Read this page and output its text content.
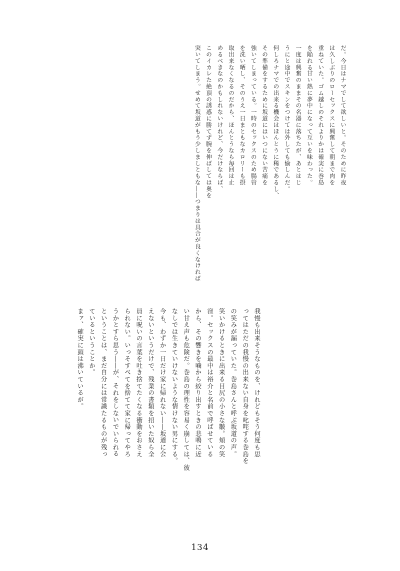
だ。今日はナマでして欲しいと。そのために昨夜
は久しぶりのローセックスに興奮して朝まで肉を
重ねていた。ゴム越しのそれよりかは確実に巻島
を陥れる甘い熱に夢中になって互いを味わった。
一度は興奮のままその名器に落ちたが、あとはじ
うにと途中でスキンをつけては外しても愉しんだ。
何しろナマでの出来る機会はほんとうに稀であるし、
その準備をするために坂道にはいつにない苦痛を
強いてしまっている。一時のセックスのため腸管
を洗い晒し、そのうえ一日まともなカロリーも摂
取出来なくなるのだから、ほんとうなら毎回は止
めるべきなのかもしれないけれど、今だけならば、
このイカレた絶頂の誘惑に勝てず腕を伸ばしては奥を
突いてしまう。せめて坂道がもう少しましともな――つまりは具合が良くなければ
我慢も出来そうなものを、けれどもそう何度も思
ってはただの我慢の出来ない自身を叱咤する巻島を
の笑みが漏っていた。巻島さんと呼ぶ坂道の声。
笑いかけるときに出来る目尻の小さな皺。頬の笑
窪。セックスの最中は裕介と名前で呼ばせている
から、その響きを噛から絞り出すときの悲鳴に近
い甘え声も危険だ。巻島の理性を容易く崩しては、彼
なしでは生きていけないような情けない男にする。
今も、わずか一日だけ家に帰れない――坂道に会
えないというだけで、残業の書類を招いた奴ら全
員に呪いの言葉を吐き捨てたくなる衝動をおさえ
られない。いっそすべてを捨てて家に帰ってやろ
うかとすら思う――が、それをしないでいられる
ということは、まだ自分には常識たるものが残っ
ているということか。
まァ、確実に頭は沸いているが。
134
